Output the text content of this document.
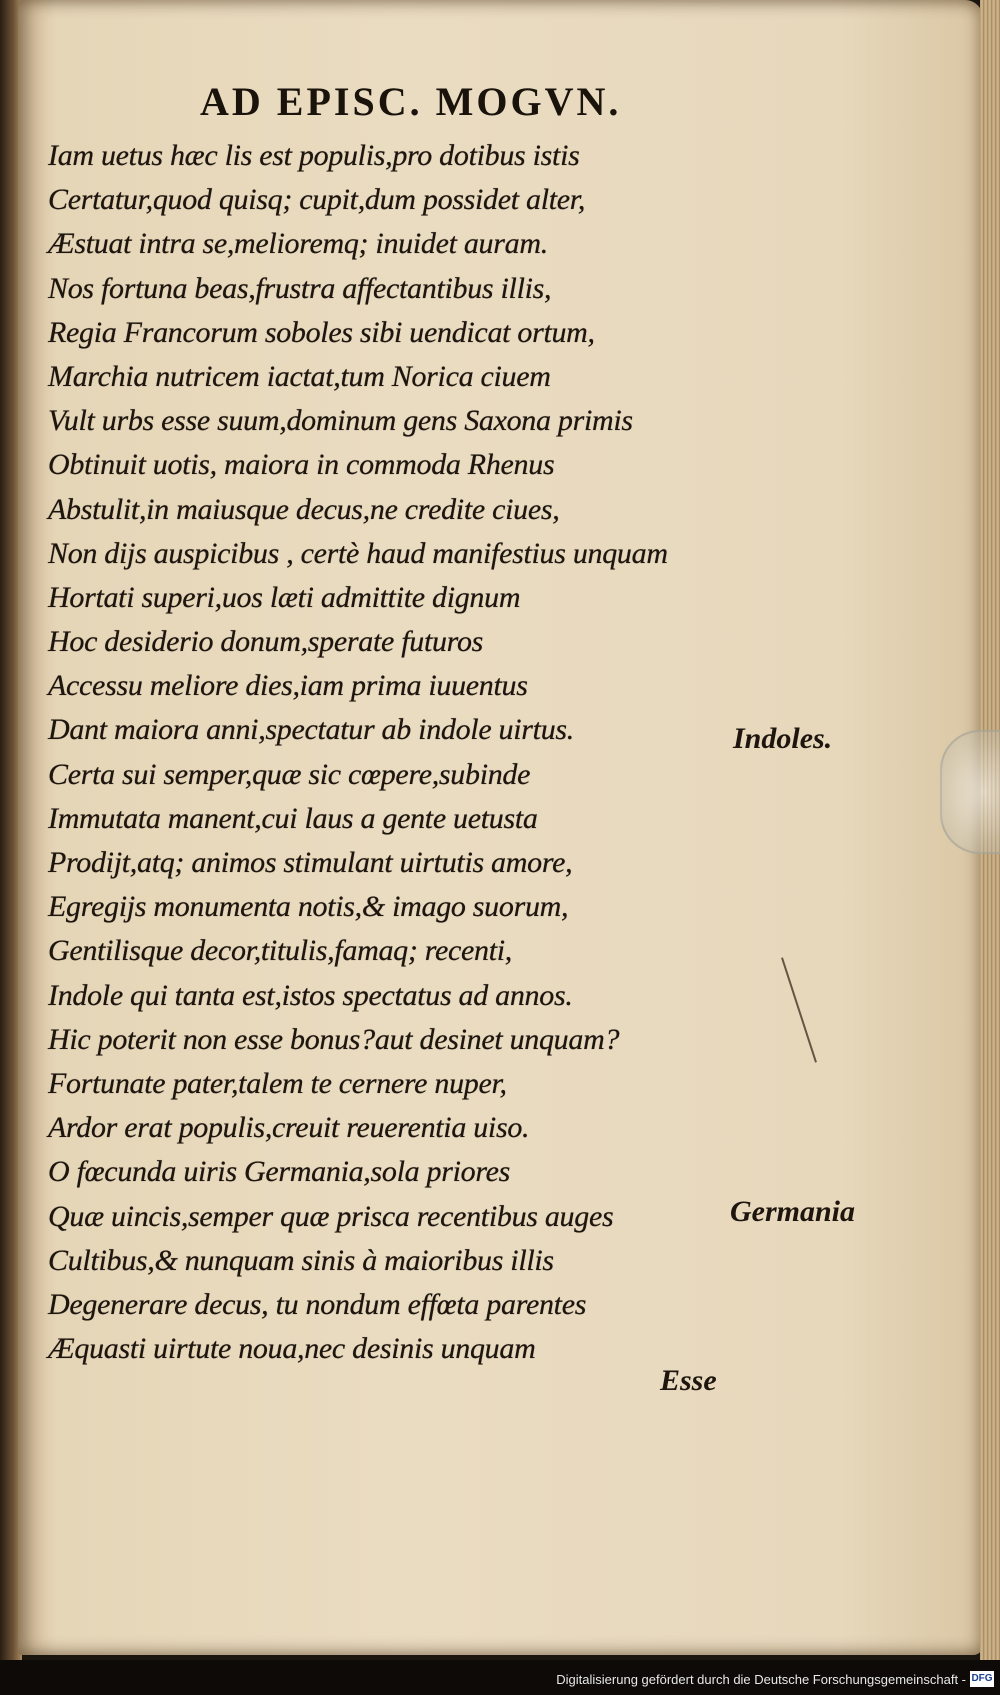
AD EPISC. MOGVN.
Iam uetus hæc lis est populis,pro dotibus istis
Certatur,quod quisq; cupit,dum possidet alter,
Æstuat intra se,melioremq; inuidet auram.
Nos fortuna beas,frustra affectantibus illis,
Regia Francorum soboles sibi uendicat ortum,
Marchia nutricem iactat,tum Norica ciuem
Vult urbs esse suum,dominum gens Saxona primis
Obtinuit uotis, maiora in commoda Rhenus
Abstulit,in maiusque decus,ne credite ciues,
Non dijs auspicibus , certè haud manifestius unquam
Hortati superi,uos læti admittite dignum
Hoc desiderio donum,sperate futuros
Accessu meliore dies,iam prima iuuentus
Dant maiora anni,spectatur ab indole uirtus.
Certa sui semper,quæ sic cœpere,subinde
Immutata manent,cui laus a gente uetusta
Prodijt,atq; animos stimulant uirtutis amore,
Egregijs monumenta notis,& imago suorum,
Gentilisque decor,titulis,famaq; recenti,
Indole qui tanta est,istos spectatus ad annos.
Hic poterit non esse bonus?aut desinet unquam?
Fortunate pater,talem te cernere nuper,
Ardor erat populis,creuit reuerentia uiso.
O fœcunda uiris Germania,sola priores
Quæ uincis,semper quæ prisca recentibus auges
Cultibus,& nunquam sinis à maioribus illis
Degenerare decus, tu nondum effœta parentes
Æquasti uirtute noua,nec desinis unquam
Indoles.
Germania
Esse
Digitalisierung gefördert durch die Deutsche Forschungsgemeinschaft - DFG
